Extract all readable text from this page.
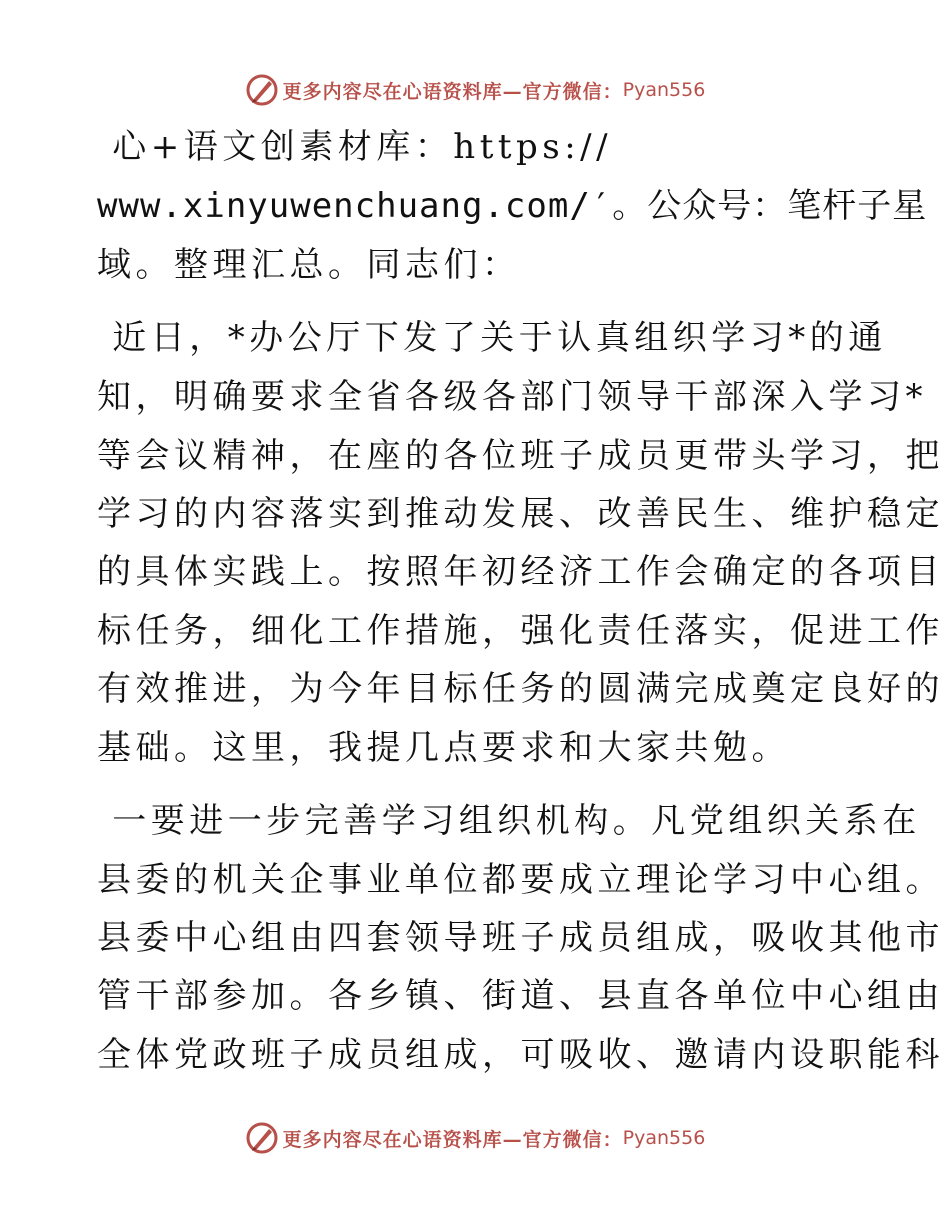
更多内容尽在心语资料库—官方微信： Pyan556
心+语文创素材库：https://
www.xinyuwenchuang.com/′。公众号：笔杆子星
域。整理汇总。同志们：
近日，*办公厅下发了关于认真组织学习*的通
知，明确要求全省各级各部门领导干部深入学习*
等会议精神，在座的各位班子成员更带头学习，把
学习的内容落实到推动发展、改善民生、维护稳定
的具体实践上。按照年初经济工作会确定的各项目
标任务，细化工作措施，强化责任落实，促进工作
有效推进，为今年目标任务的圆满完成奠定良好的
基础。这里，我提几点要求和大家共勉。
一要进一步完善学习组织机构。凡党组织关系在
县委的机关企事业单位都要成立理论学习中心组。
县委中心组由四套领导班子成员组成，吸收其他市
管干部参加。各乡镇、街道、县直各单位中心组由
全体党政班子成员组成，可吸收、邀请内设职能科
更多内容尽在心语资料库—官方微信： Pyan556
